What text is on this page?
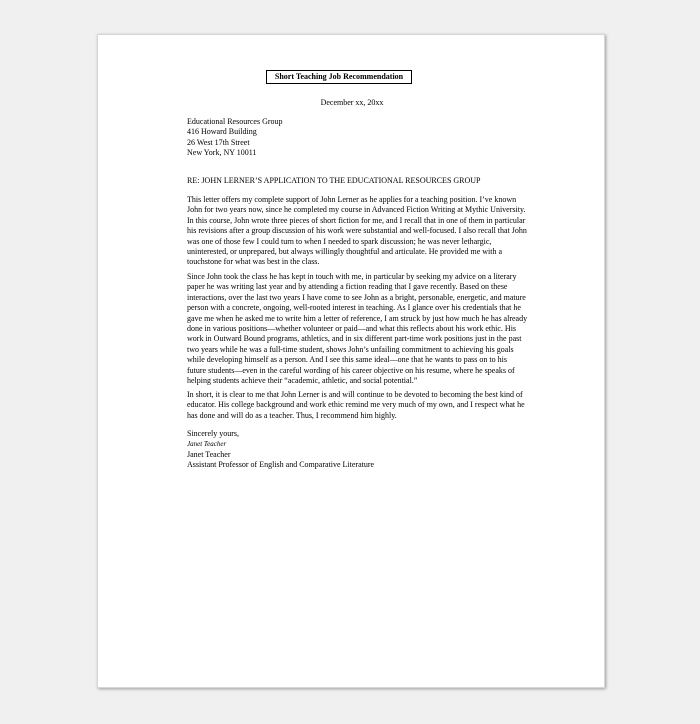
Short Teaching Job Recommendation
December xx, 20xx
Educational Resources Group
416 Howard Building
26 West 17th Street
New York, NY 10011
RE: JOHN LERNER’S APPLICATION TO THE EDUCATIONAL RESOURCES GROUP
This letter offers my complete support of John Lerner as he applies for a teaching position. I’ve known
John for two years now, since he completed my course in Advanced Fiction Writing at Mythic University.
In this course, John wrote three pieces of short fiction for me, and I recall that in one of them in particular
his revisions after a group discussion of his work were substantial and well-focused. I also recall that John
was one of those few I could turn to when I needed to spark discussion; he was never lethargic,
uninterested, or unprepared, but always willingly thoughtful and articulate. He provided me with a
touchstone for what was best in the class.
Since John took the class he has kept in touch with me, in particular by seeking my advice on a literary
paper he was writing last year and by attending a fiction reading that I gave recently. Based on these
interactions, over the last two years I have come to see John as a bright, personable, energetic, and mature
person with a concrete, ongoing, well-rooted interest in teaching. As I glance over his credentials that he
gave me when he asked me to write him a letter of reference, I am struck by just how much he has already
done in various positions—whether volunteer or paid—and what this reflects about his work ethic. His
work in Outward Bound programs, athletics, and in six different part-time work positions just in the past
two years while he was a full-time student, shows John’s unfailing commitment to achieving his goals
while developing himself as a person. And I see this same ideal—one that he wants to pass on to his
future students—even in the careful wording of his career objective on his resume, where he speaks of
helping students achieve their “academic, athletic, and social potential.”
In short, it is clear to me that John Lerner is and will continue to be devoted to becoming the best kind of
educator. His college background and work ethic remind me very much of my own, and I respect what he
has done and will do as a teacher. Thus, I recommend him highly.
Sincerely yours,
Janet Teacher
Janet Teacher
Assistant Professor of English and Comparative Literature
